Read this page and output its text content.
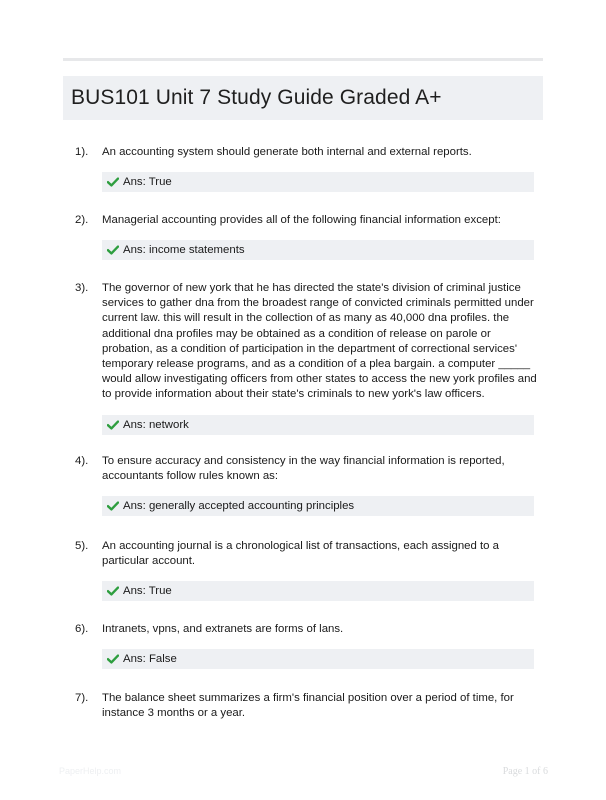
BUS101 Unit 7 Study Guide Graded A+
1). An accounting system should generate both internal and external reports.
Ans: True
2). Managerial accounting provides all of the following financial information except:
Ans: income statements
3). The governor of new york that he has directed the state's division of criminal justice services to gather dna from the broadest range of convicted criminals permitted under current law. this will result in the collection of as many as 40,000 dna profiles. the additional dna profiles may be obtained as a condition of release on parole or probation, as a condition of participation in the department of correctional services' temporary release programs, and as a condition of a plea bargain. a computer _____ would allow investigating officers from other states to access the new york profiles and to provide information about their state's criminals to new york's law officers.
Ans: network
4). To ensure accuracy and consistency in the way financial information is reported, accountants follow rules known as:
Ans: generally accepted accounting principles
5). An accounting journal is a chronological list of transactions, each assigned to a particular account.
Ans: True
6). Intranets, vpns, and extranets are forms of lans.
Ans: False
7). The balance sheet summarizes a firm's financial position over a period of time, for instance 3 months or a year.
PaperHelp.com	Page 1 of 6
